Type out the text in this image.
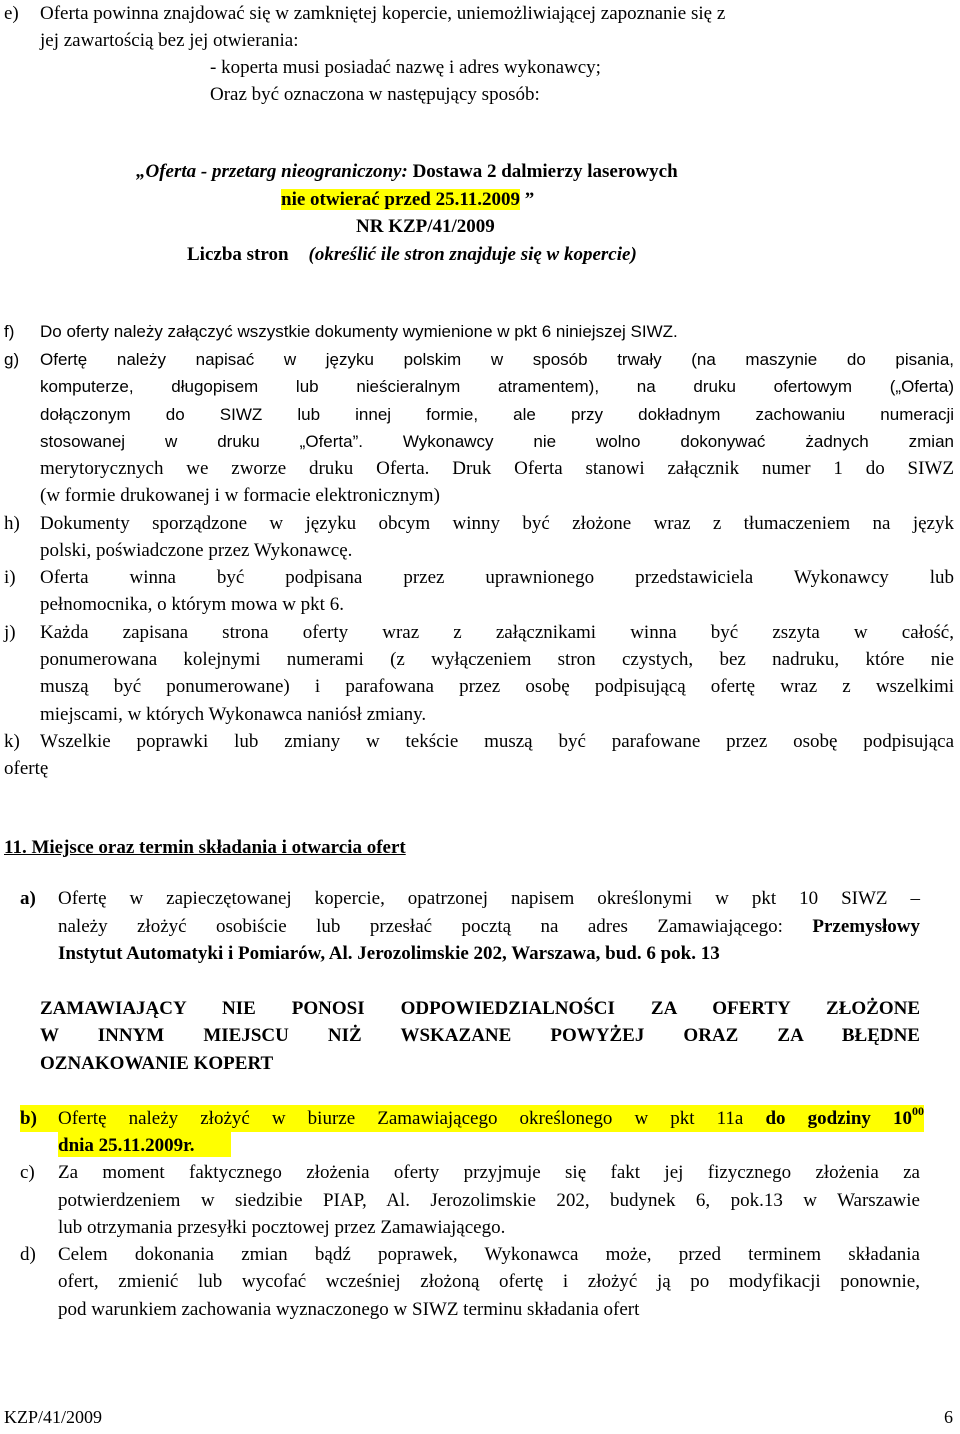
e) Oferta powinna znajdować się w zamkniętej kopercie, uniemożliwiającej zapoznanie się z
jej zawartością bez jej otwierania:
- koperta musi posiadać nazwę i adres wykonawcy;
Oraz być oznaczona w następujący sposób:
„Oferta - przetarg nieograniczony: Dostawa 2 dalmierzy laserowych
nie otwierać przed 25.11.2009 ”
NR KZP/41/2009
Liczba stron (określić ile stron znajduje się w kopercie)
f) Do oferty należy załączyć wszystkie dokumenty wymienione w pkt 6 niniejszej SIWZ.
g) Ofertę należy napisać w języku polskim w sposób trwały (na maszynie do pisania,
komputerze, długopisem lub nieścieralnym atramentem), na druku ofertowym („Oferta)
dołączonym do SIWZ lub innej formie, ale przy dokładnym zachowaniu numeracji
stosowanej w druku „Oferta”. Wykonawcy nie wolno dokonywać żadnych zmian
merytorycznych we zworze druku Oferta. Druk Oferta stanowi załącznik numer 1 do SIWZ
(w formie drukowanej i w formacie elektronicznym)
h) Dokumenty sporządzone w języku obcym winny być złożone wraz z tłumaczeniem na język
polski, poświadczone przez Wykonawcę.
i) Oferta winna być podpisana przez uprawnionego przedstawiciela Wykonawcy lub
pełnomocnika, o którym mowa w pkt 6.
j) Każda zapisana strona oferty wraz z załącznikami winna być zszyta w całość,
ponumerowana kolejnymi numerami (z wyłączeniem stron czystych, bez nadruku, które nie
muszą być ponumerowane) i parafowana przez osobę podpisującą ofertę wraz z wszelkimi
miejscami, w których Wykonawca naniósł zmiany.
k) Wszelkie poprawki lub zmiany w tekście muszą być parafowane przez osobę podpisująca
ofertę
11. Miejsce oraz termin składania i otwarcia ofert
a) Ofertę w zapieczętowanej kopercie, opatrzonej napisem określonymi w pkt 10 SIWZ –
należy złożyć osobiście lub przesłać pocztą na adres Zamawiającego: Przemysłowy
Instytut Automatyki i Pomiarów, Al. Jerozolimskie 202, Warszawa, bud. 6 pok. 13
ZAMAWIAJĄCY NIE PONOSI ODPOWIEDZIALNOŚCI ZA OFERTY ZŁOŻONE
W INNYM MIEJSCU NIŻ WSKAZANE POWYŻEJ ORAZ ZA BŁĘDNE
OZNAKOWANIE KOPERT
b) Ofertę należy złożyć w biurze Zamawiającego określonego w pkt 11a do godziny $10^{00}$
dnia 25.11.2009r.
c) Za moment faktycznego złożenia oferty przyjmuje się fakt jej fizycznego złożenia za
potwierdzeniem w siedzibie PIAP, Al. Jerozolimskie 202, budynek 6, pok.13 w Warszawie
lub otrzymania przesyłki pocztowej przez Zamawiającego.
d) Celem dokonania zmian bądź poprawek, Wykonawca może, przed terminem składania
ofert, zmienić lub wycofać wcześniej złożoną ofertę i złożyć ją po modyfikacji ponownie,
pod warunkiem zachowania wyznaczonego w SIWZ terminu składania ofert
KZP/41/2009	6
